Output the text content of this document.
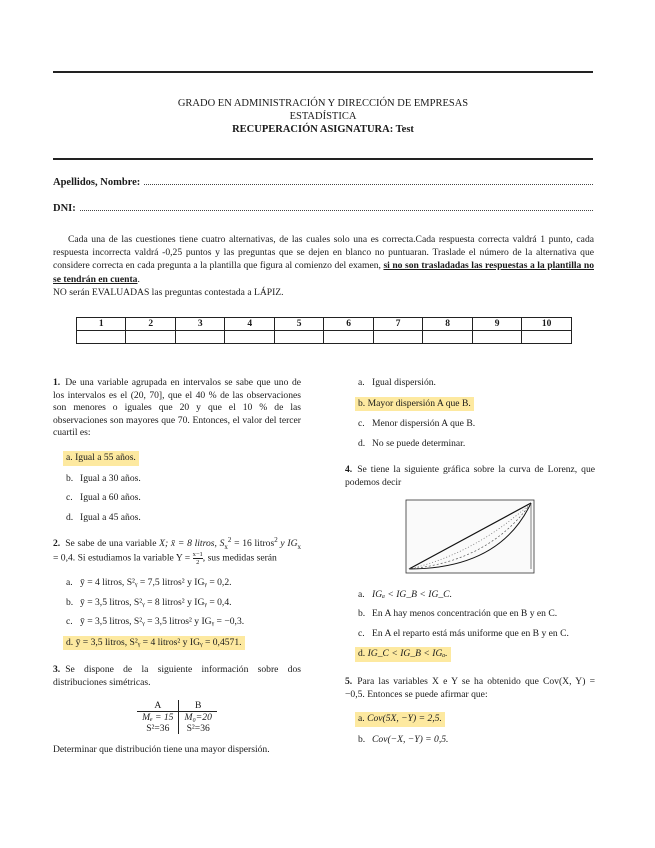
GRADO EN ADMINISTRACIÓN Y DIRECCIÓN DE EMPRESAS
ESTADÍSTICA
RECUPERACIÓN ASIGNATURA: Test
Apellidos, Nombre:
DNI:

Cada una de las cuestiones tiene cuatro alternativas, de las cuales solo una es correcta.Cada respuesta correcta valdrá 1 punto, cada respuesta incorrecta valdrá -0,25 puntos y las preguntas que se dejen en blanco no puntuaran. Traslade el número de la alternativa que considere correcta en cada pregunta a la plantilla que figura al comienzo del examen, si no son trasladadas las respuestas a la plantilla no se tendrán en cuenta.

NO serán EVALUADAS las preguntas contestada a LÁPIZ.
1	2	3	4	5	6	7	8	9	10

1. De una variable agrupada en intervalos se sabe que uno de los intervalos es el (20, 70], que el 40 % de las observaciones son menores o iguales que 20 y que el 10 % de las observaciones son mayores que 70. Entonces, el valor del tercer cuartil es:
a. Igual a 55 años.
b. Igual a 30 años.
c. Igual a 60 años.
d. Igual a 45 años.
2. Se sabe de una variable X; x̄ = 8 litros, $S_x^2 = 16$ litros$^2$ y $IG_x = 0,4$. Si estudiamos la variable $Y = \frac{x-1}{2}$ , sus medidas serán
a. ȳ = 4 litros, S²ᵧ = 7,5 litros² y IGᵧ = 0,2.
b. ȳ = 3,5 litros, S²ᵧ = 8 litros² y IGᵧ = 0,4.
c. ȳ = 3,5 litros, S²ᵧ = 3,5 litros² y IGᵧ = −0,3.
d. ȳ = 3,5 litros, S²ᵧ = 4 litros² y IGᵧ = 0,4571.
3. Se dispone de la siguiente información sobre dos distribuciones simétricas.
A	B
Mₑ = 15	M₀=20
S²=36	S²=36
Determinar que distribución tiene una mayor dispersión.
a. Igual dispersión.
b. Mayor dispersión A que B.
c. Menor dispersión A que B.
d. No se puede determinar.
4. Se tiene la siguiente gráfica sobre la curva de Lorenz, que podemos decir
a. IGₐ < IG_B < IG_C.
b. En A hay menos concentración que en B y en C.
c. En A el reparto está más uniforme que en B y en C.
d. IG_C < IG_B < IGₐ.
5. Para las variables X e Y se ha obtenido que Cov(X, Y) = −0,5. Entonces se puede afirmar que:
a. Cov(5X, −Y) = 2,5.
b. Cov(−X, −Y) = 0,5.
